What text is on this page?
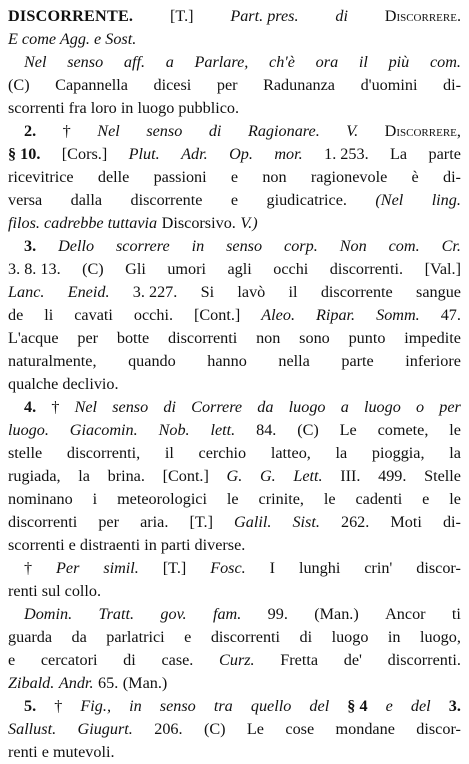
DISCORRENTE. [T.] Part. pres. di Discorrere.
E come Agg. e Sost.
Nel senso aff. a Parlare, ch'è ora il più com.
(C) Capannella dicesi per Radunanza d'uomini di-
scorrenti fra loro in luogo pubblico.
2. † Nel senso di Ragionare. V. Discorrere,
§ 10. [Cors.] Plut. Adr. Op. mor. 1. 253. La parte
ricevitrice delle passioni e non ragionevole è di-
versa dalla discorrente e giudicatrice. (Nel ling.
filos. cadrebbe tuttavia Discorsivo. V.)
3. Dello scorrere in senso corp. Non com. Cr.
3. 8. 13. (C) Gli umori agli occhi discorrenti. [Val.]
Lanc. Eneid. 3. 227. Si lavò il discorrente sangue
de li cavati occhi. [Cont.] Aleo. Ripar. Somm. 47.
L'acque per botte discorrenti non sono punto impedite
naturalmente, quando hanno nella parte inferiore
qualche declivio.
4. † Nel senso di Correre da luogo a luogo o per
luogo. Giacomin. Nob. lett. 84. (C) Le comete, le
stelle discorrenti, il cerchio latteo, la pioggia, la
rugiada, la brina. [Cont.] G. G. Lett. III. 499. Stelle
nominano i meteorologici le crinite, le cadenti e le
discorrenti per aria. [T.] Galil. Sist. 262. Moti di-
scorrenti e distraenti in parti diverse.
† Per simil. [T.] Fosc. I lunghi crin' discor-
renti sul collo.
Domin. Tratt. gov. fam. 99. (Man.) Ancor ti
guarda da parlatrici e discorrenti di luogo in luogo,
e cercatori di case. Curz. Fretta de' discorrenti.
Zibald. Andr. 65. (Man.)
5. † Fig., in senso tra quello del § 4 e del 3.
Sallust. Giugurt. 206. (C) Le cose mondane discor-
renti e mutevoli.
